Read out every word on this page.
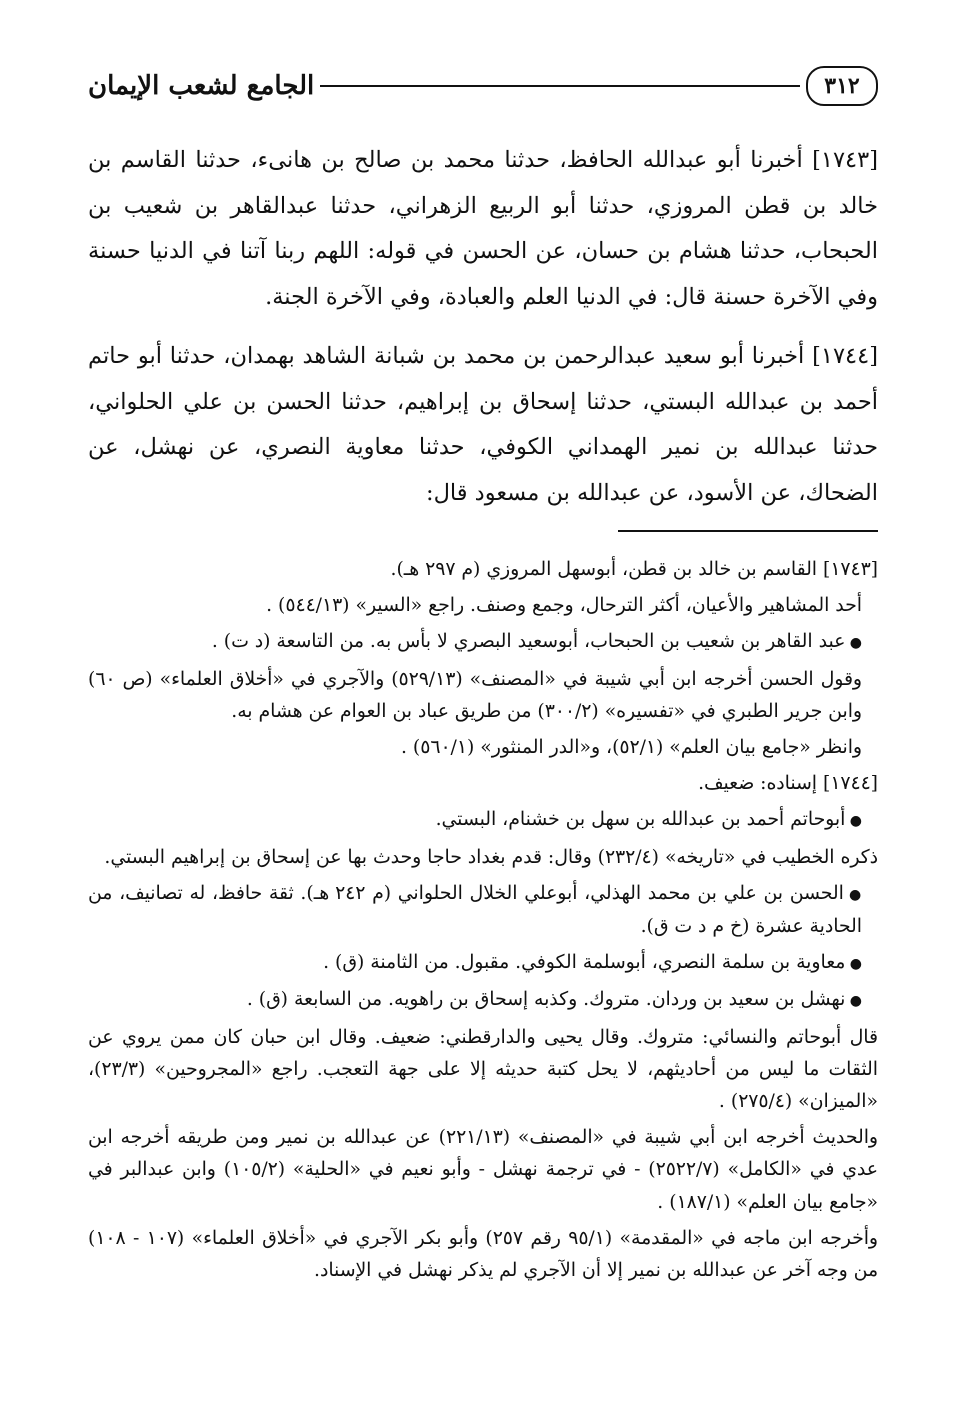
٣١٢
الجامع لشعب الإيمان

[١٧٤٣] أخبرنا أبو عبدالله الحافظ، حدثنا محمد بن صالح بن هانىء، حدثنا القاسم بن خالد بن قطن المروزي، حدثنا أبو الربيع الزهراني، حدثنا عبدالقاهر بن شعيب بن الحبحاب، حدثنا هشام بن حسان، عن الحسن في قوله: اللهم ربنا آتنا في الدنيا حسنة وفي الآخرة حسنة قال: في الدنيا العلم والعبادة، وفي الآخرة الجنة.

[١٧٤٤] أخبرنا أبو سعيد عبدالرحمن بن محمد بن شبانة الشاهد بهمدان، حدثنا أبو حاتم أحمد بن عبدالله البستي، حدثنا إسحاق بن إبراهيم، حدثنا الحسن بن علي الحلواني، حدثنا عبدالله بن نمير الهمداني الكوفي، حدثنا معاوية النصري، عن نهشل، عن الضحاك، عن الأسود، عن عبدالله بن مسعود قال:

[١٧٤٣] القاسم بن خالد بن قطن، أبوسهل المروزي (م ٢٩٧ هـ).

أحد المشاهير والأعيان، أكثر الترحال، وجمع وصنف. راجع «السير» (٥٤٤/١٣) .

● عبد القاهر بن شعيب بن الحبحاب، أبوسعيد البصري لا بأس به. من التاسعة (د ت) .

وقول الحسن أخرجه ابن أبي شيبة في «المصنف» (٥٢٩/١٣) والآجري في «أخلاق العلماء» (ص ٦٠) وابن جرير الطبري في «تفسيره» (٣٠٠/٢) من طريق عباد بن العوام عن هشام به.

وانظر «جامع بيان العلم» (٥٢/١)، و«الدر المنثور» (٥٦٠/١) .

[١٧٤٤] إسناده: ضعيف.

● أبوحاتم أحمد بن عبدالله بن سهل بن خشنام، البستي.

ذكره الخطيب في «تاريخه» (٢٣٢/٤) وقال: قدم بغداد حاجا وحدث بها عن إسحاق بن إبراهيم البستي.

● الحسن بن علي بن محمد الهذلي، أبوعلي الخلال الحلواني (م ٢٤٢ هـ). ثقة حافظ، له تصانيف، من الحادية عشرة (خ م د ت ق).

● معاوية بن سلمة النصري، أبوسلمة الكوفي. مقبول. من الثامنة (ق) .

● نهشل بن سعيد بن وردان. متروك. وكذبه إسحاق بن راهويه. من السابعة (ق) .

قال أبوحاتم والنسائي: متروك. وقال يحيى والدارقطني: ضعيف. وقال ابن حبان كان ممن يروي عن الثقات ما ليس من أحاديثهم، لا يحل كتبة حديثه إلا على جهة التعجب. راجع «المجروحين» (٢٣/٣)، «الميزان» (٢٧٥/٤) .

والحديث أخرجه ابن أبي شيبة في «المصنف» (٢٢١/١٣) عن عبدالله بن نمير ومن طريقه أخرجه ابن عدي في «الكامل» (٢٥٢٢/٧) - في ترجمة نهشل - وأبو نعيم في «الحلية» (١٠٥/٢) وابن عبدالبر في «جامع بيان العلم» (١٨٧/١) .

وأخرجه ابن ماجه في «المقدمة» (٩٥/١ رقم ٢٥٧) وأبو بكر الآجري في «أخلاق العلماء» (١٠٧ - ١٠٨) من وجه آخر عن عبدالله بن نمير إلا أن الآجري لم يذكر نهشل في الإسناد.
